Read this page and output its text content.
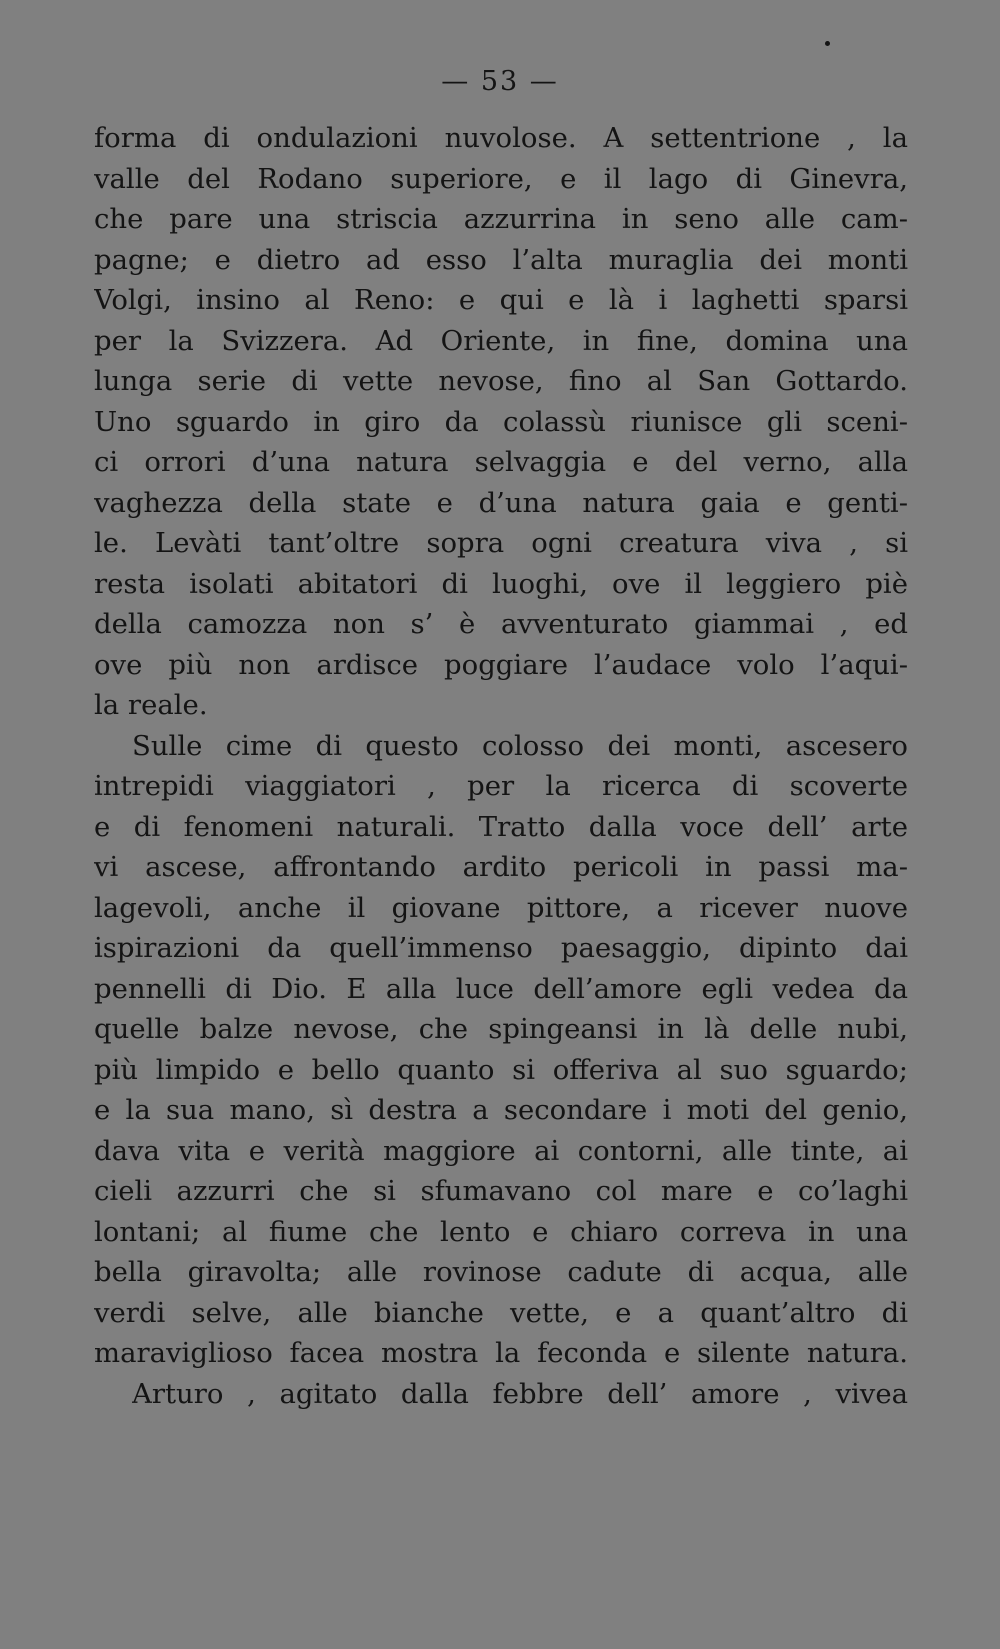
— 53 —
forma di ondulazioni nuvolose. A settentrione , la
valle del Rodano superiore, e il lago di Ginevra,
che pare una striscia azzurrina in seno alle cam-
pagne; e dietro ad esso l’alta muraglia dei monti
Volgi, insino al Reno: e qui e là i laghetti sparsi
per la Svizzera. Ad Oriente, in fine, domina una
lunga serie di vette nevose, fino al San Gottardo.
Uno sguardo in giro da colassù riunisce gli sceni-
ci orrori d’una natura selvaggia e del verno, alla
vaghezza della state e d’una natura gaia e genti-
le. Levàti tant’oltre sopra ogni creatura viva , si
resta isolati abitatori di luoghi, ove il leggiero piè
della camozza non s’ è avventurato giammai , ed
ove più non ardisce poggiare l’audace volo l’aqui-
la reale.
Sulle cime di questo colosso dei monti, ascesero
intrepidi viaggiatori , per la ricerca di scoverte
e di fenomeni naturali. Tratto dalla voce dell’ arte
vi ascese, affrontando ardito pericoli in passi ma-
lagevoli, anche il giovane pittore, a ricever nuove
ispirazioni da quell’immenso paesaggio, dipinto dai
pennelli di Dio. E alla luce dell’amore egli vedea da
quelle balze nevose, che spingeansi in là delle nubi,
più limpido e bello quanto si offeriva al suo sguardo;
e la sua mano, sì destra a secondare i moti del genio,
dava vita e verità maggiore ai contorni, alle tinte, ai
cieli azzurri che si sfumavano col mare e co’laghi
lontani; al fiume che lento e chiaro correva in una
bella giravolta; alle rovinose cadute di acqua, alle
verdi selve, alle bianche vette, e a quant’altro di
maraviglioso facea mostra la feconda e silente natura.
Arturo , agitato dalla febbre dell’ amore , vivea
